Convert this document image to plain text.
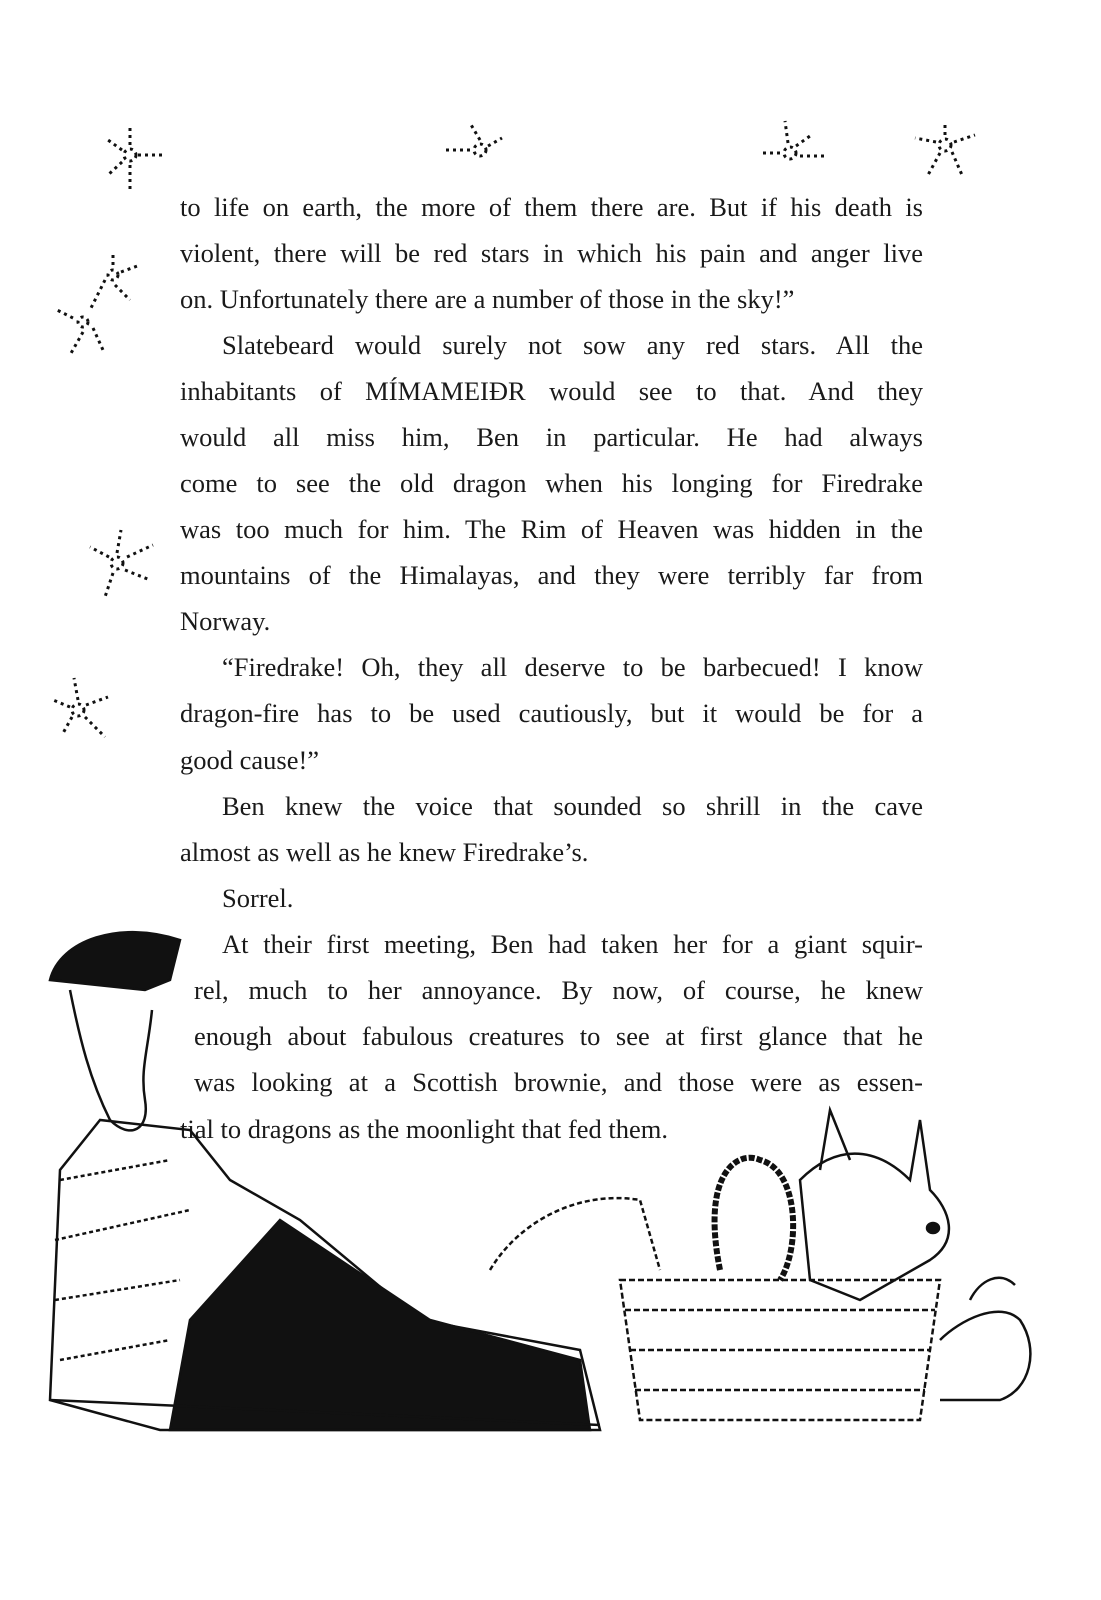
to life on earth, the more of them there are. But if his death is
violent, there will be red stars in which his pain and anger live
on. Unfortunately there are a number of those in the sky!”
Slatebeard would surely not sow any red stars. All the
inhabitants of MÍMAMEIÐR would see to that. And they
would all miss him, Ben in particular. He had always
come to see the old dragon when his longing for Firedrake
was too much for him. The Rim of Heaven was hidden in the
mountains of the Himalayas, and they were terribly far from
Norway.
“Firedrake! Oh, they all deserve to be barbecued! I know
dragon-fire has to be used cautiously, but it would be for a
good cause!”
Ben knew the voice that sounded so shrill in the cave
almost as well as he knew Firedrake’s.
Sorrel.
At their first meeting, Ben had taken her for a giant squir-
rel, much to her annoyance. By now, of course, he knew
enough about fabulous creatures to see at first glance that he
was looking at a Scottish brownie, and those were as essen-
tial to dragons as the moonlight that fed them.
